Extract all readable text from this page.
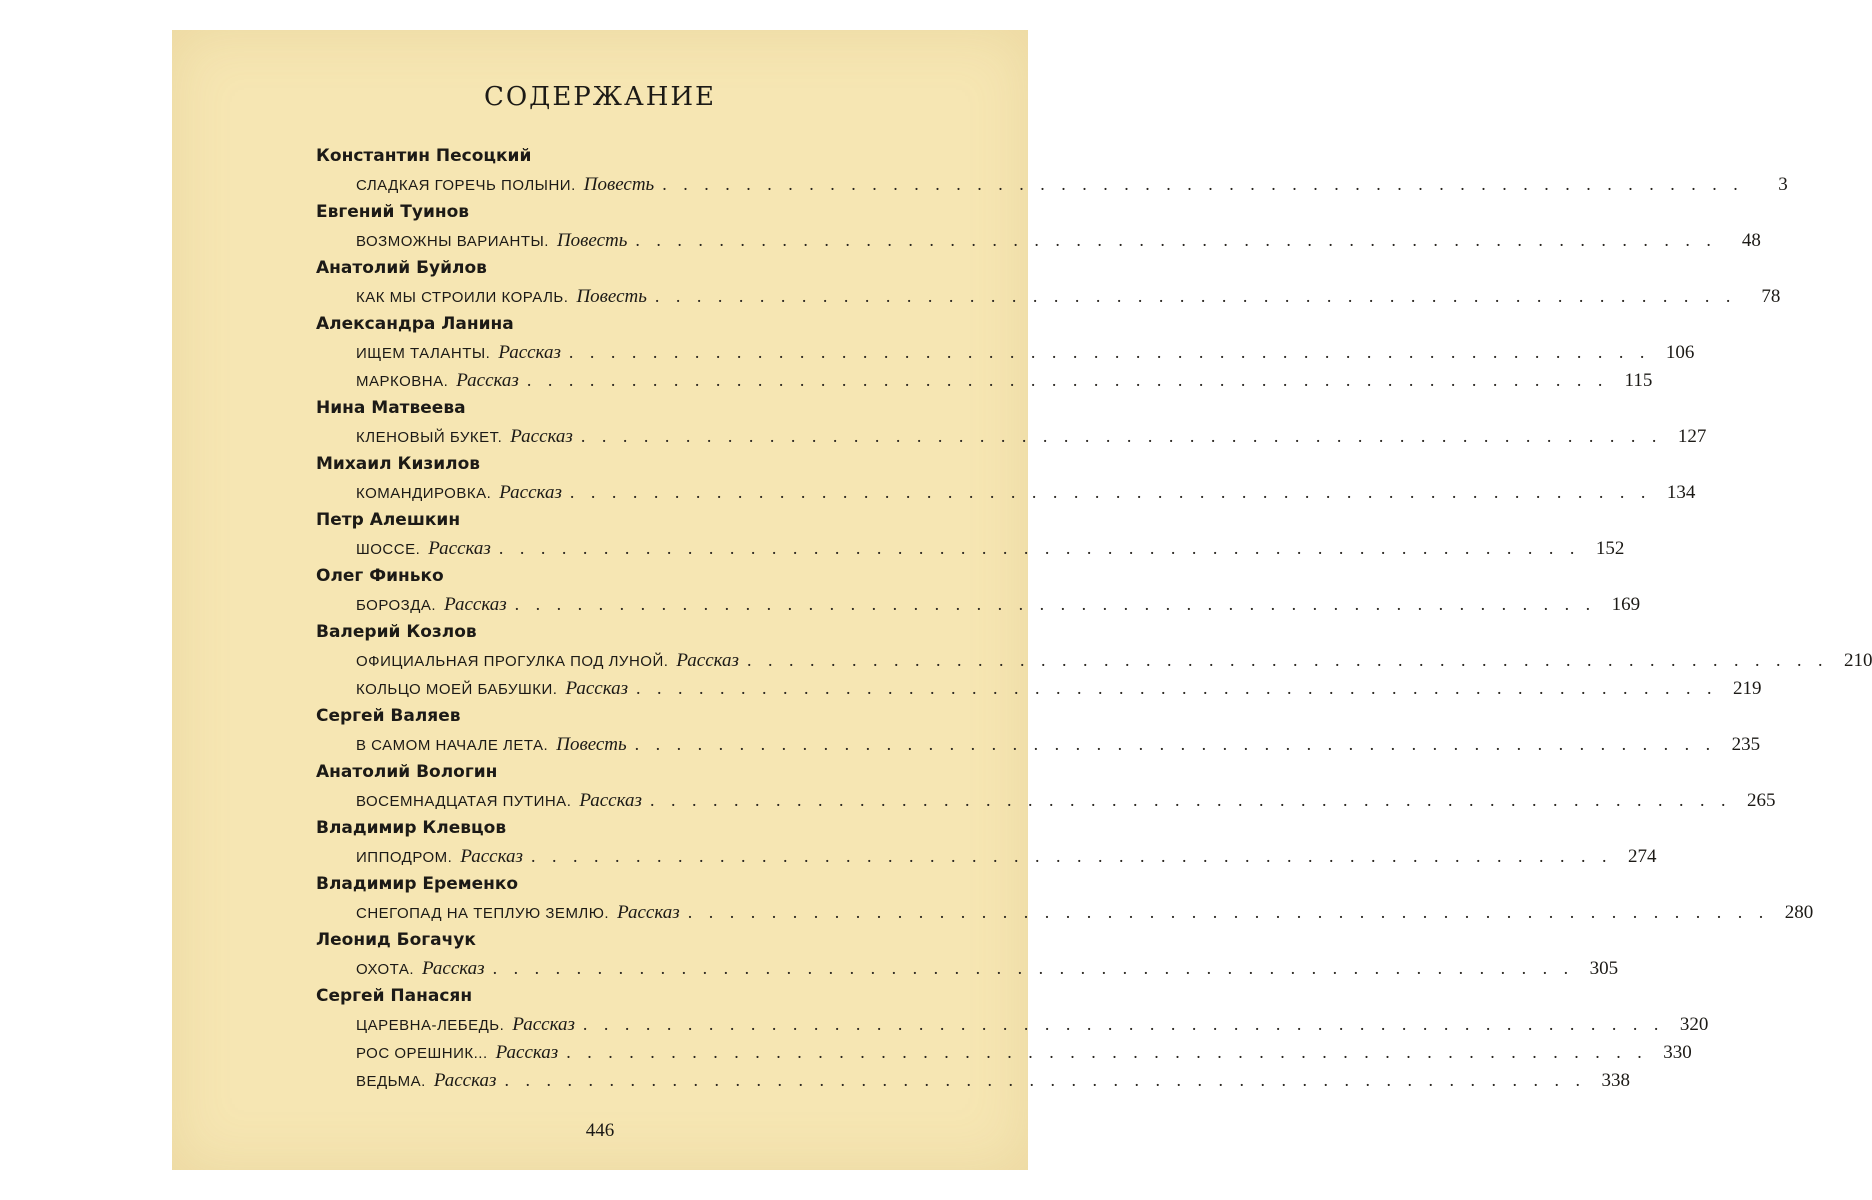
СОДЕРЖАНИЕ
Константин Песоцкий
СЛАДКАЯ ГОРЕЧЬ ПОЛЫНИ. Повесть . . . . . . . . . . . . . . . . . . . . . . . . . . . . . . . . . . . . . . . . . . . . . . . . . . . .	3
Евгений Туинов
ВОЗМОЖНЫ ВАРИАНТЫ. Повесть . . . . . . . . . . . . . . . . . . . . . . . . . . . . . . . . . . . . . . . . . . . . . . . . . . . .	48
Анатолий Буйлов
КАК МЫ СТРОИЛИ КОРАЛЬ. Повесть . . . . . . . . . . . . . . . . . . . . . . . . . . . . . . . . . . . . . . . . . . . . . . . . . . . .	78
Александра Ланина
ИЩЕМ ТАЛАНТЫ. Рассказ . . . . . . . . . . . . . . . . . . . . . . . . . . . . . . . . . . . . . . . . . . . . . . . . . . . . 106
МАРКОВНА. Рассказ . . . . . . . . . . . . . . . . . . . . . . . . . . . . . . . . . . . . . . . . . . . . . . . . . . . . 115
Нина Матвеева
КЛЕНОВЫЙ БУКЕТ. Рассказ . . . . . . . . . . . . . . . . . . . . . . . . . . . . . . . . . . . . . . . . . . . . . . . . . . . . 127
Михаил Кизилов
КОМАНДИРОВКА. Рассказ . . . . . . . . . . . . . . . . . . . . . . . . . . . . . . . . . . . . . . . . . . . . . . . . . . . . 134
Петр Алешкин
ШОССЕ. Рассказ . . . . . . . . . . . . . . . . . . . . . . . . . . . . . . . . . . . . . . . . . . . . . . . . . . . . 152
Олег Финько
БОРОЗДА. Рассказ . . . . . . . . . . . . . . . . . . . . . . . . . . . . . . . . . . . . . . . . . . . . . . . . . . . . 169
Валерий Козлов
ОФИЦИАЛЬНАЯ ПРОГУЛКА ПОД ЛУНОЙ. Рассказ . . . . . . . . . . . . . . . . . . . . . . . . . . . . . . . . . . . . . . . . . . . . . . . . . . . . 210
КОЛЬЦО МОЕЙ БАБУШКИ. Рассказ . . . . . . . . . . . . . . . . . . . . . . . . . . . . . . . . . . . . . . . . . . . . . . . . . . . . 219
Сергей Валяев
В САМОМ НАЧАЛЕ ЛЕТА. Повесть . . . . . . . . . . . . . . . . . . . . . . . . . . . . . . . . . . . . . . . . . . . . . . . . . . . . 235
Анатолий Вологин
ВОСЕМНАДЦАТАЯ ПУТИНА. Рассказ . . . . . . . . . . . . . . . . . . . . . . . . . . . . . . . . . . . . . . . . . . . . . . . . . . . . 265
Владимир Клевцов
ИППОДРОМ. Рассказ . . . . . . . . . . . . . . . . . . . . . . . . . . . . . . . . . . . . . . . . . . . . . . . . . . . . 274
Владимир Еременко
СНЕГОПАД НА ТЕПЛУЮ ЗЕМЛЮ. Рассказ . . . . . . . . . . . . . . . . . . . . . . . . . . . . . . . . . . . . . . . . . . . . . . . . . . . . 280
Леонид Богачук
ОХОТА. Рассказ . . . . . . . . . . . . . . . . . . . . . . . . . . . . . . . . . . . . . . . . . . . . . . . . . . . . 305
Сергей Панасян
ЦАРЕВНА-ЛЕБЕДЬ. Рассказ . . . . . . . . . . . . . . . . . . . . . . . . . . . . . . . . . . . . . . . . . . . . . . . . . . . . 320
РОС ОРЕШНИК... Рассказ . . . . . . . . . . . . . . . . . . . . . . . . . . . . . . . . . . . . . . . . . . . . . . . . . . . . 330
ВЕДЬМА. Рассказ . . . . . . . . . . . . . . . . . . . . . . . . . . . . . . . . . . . . . . . . . . . . . . . . . . . . 338
446
